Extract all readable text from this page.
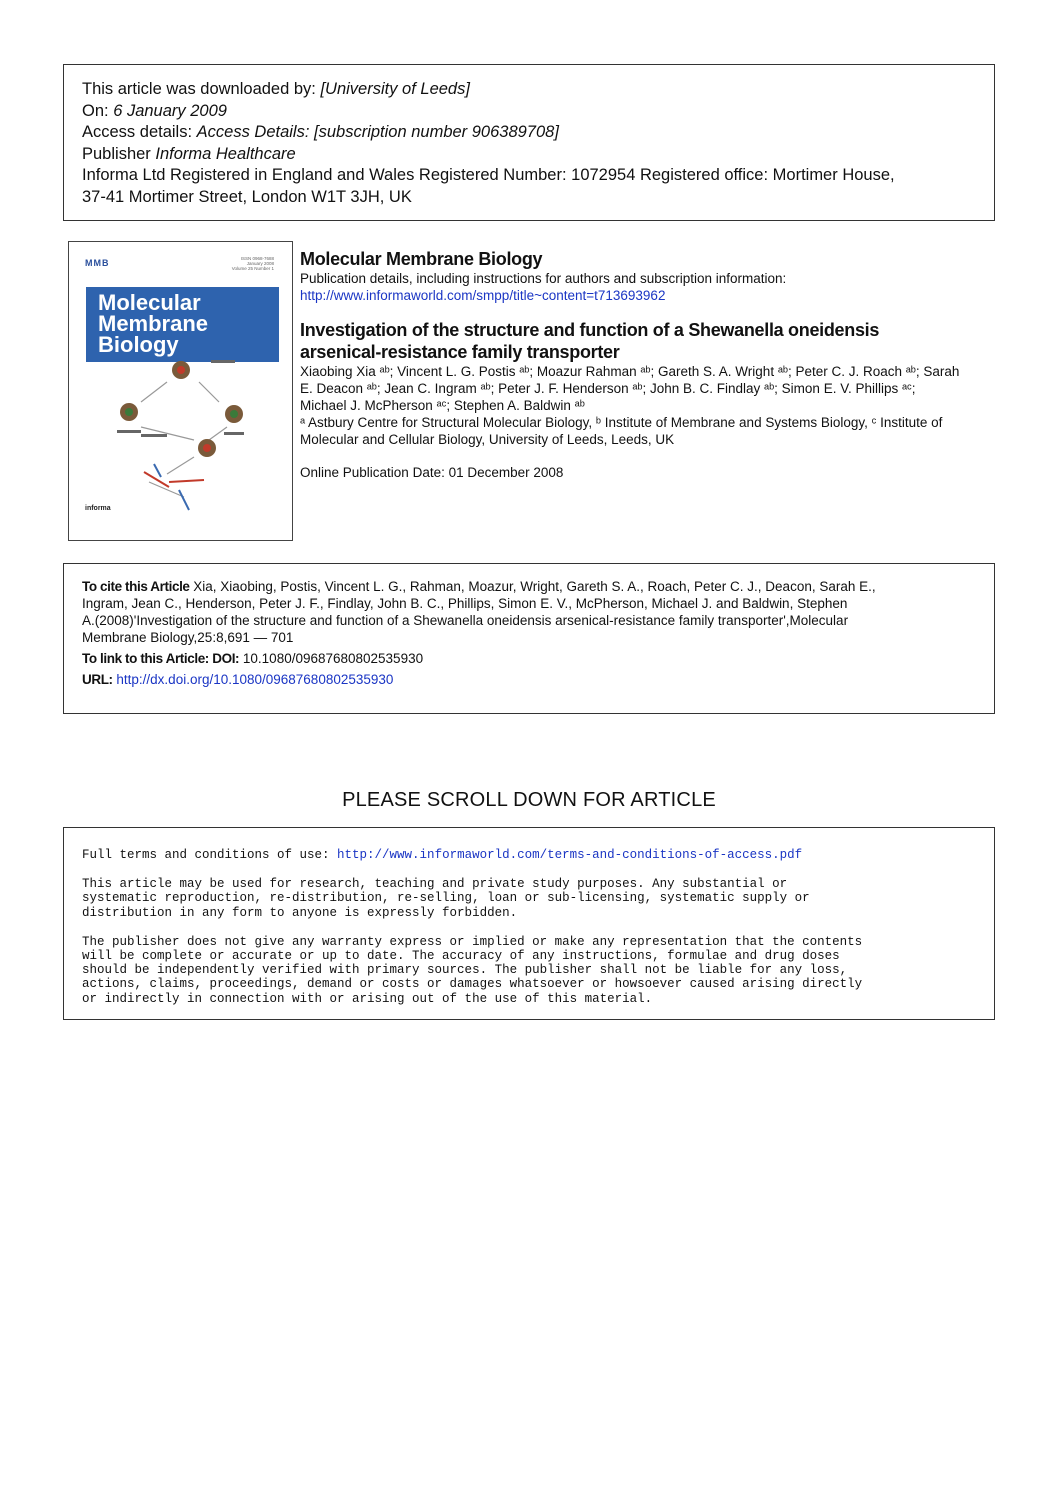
This article was downloaded by: [University of Leeds]
On: 6 January 2009
Access details: Access Details: [subscription number 906389708]
Publisher Informa Healthcare
Informa Ltd Registered in England and Wales Registered Number: 1072954 Registered office: Mortimer House,
37-41 Mortimer Street, London W1T 3JH, UK
MMB	ISSN 0968-7688
January 2008
Volume 25 Number 1
Molecular
Membrane
Biology
informa
Molecular Membrane Biology
Publication details, including instructions for authors and subscription information:
http://www.informaworld.com/smpp/title~content=t713693962
Investigation of the structure and function of a Shewanella oneidensis
arsenical-resistance family transporter
Xiaobing Xia ᵃᵇ; Vincent L. G. Postis ᵃᵇ; Moazur Rahman ᵃᵇ; Gareth S. A. Wright ᵃᵇ; Peter C. J. Roach ᵃᵇ; Sarah
E. Deacon ᵃᵇ; Jean C. Ingram ᵃᵇ; Peter J. F. Henderson ᵃᵇ; John B. C. Findlay ᵃᵇ; Simon E. V. Phillips ᵃᶜ;
Michael J. McPherson ᵃᶜ; Stephen A. Baldwin ᵃᵇ
ᵃ Astbury Centre for Structural Molecular Biology, ᵇ Institute of Membrane and Systems Biology, ᶜ Institute of
Molecular and Cellular Biology, University of Leeds, Leeds, UK
Online Publication Date: 01 December 2008
To cite this Article Xia, Xiaobing, Postis, Vincent L. G., Rahman, Moazur, Wright, Gareth S. A., Roach, Peter C. J., Deacon, Sarah E.,
Ingram, Jean C., Henderson, Peter J. F., Findlay, John B. C., Phillips, Simon E. V., McPherson, Michael J. and Baldwin, Stephen
A.(2008)'Investigation of the structure and function of a Shewanella oneidensis arsenical-resistance family transporter',Molecular
Membrane Biology,25:8,691 — 701
To link to this Article: DOI: 10.1080/09687680802535930
URL: http://dx.doi.org/10.1080/09687680802535930
PLEASE SCROLL DOWN FOR ARTICLE

Full terms and conditions of use: http://www.informaworld.com/terms-and-conditions-of-access.pdf

This article may be used for research, teaching and private study purposes. Any substantial or
systematic reproduction, re-distribution, re-selling, loan or sub-licensing, systematic supply or
distribution in any form to anyone is expressly forbidden.

The publisher does not give any warranty express or implied or make any representation that the contents
will be complete or accurate or up to date. The accuracy of any instructions, formulae and drug doses
should be independently verified with primary sources. The publisher shall not be liable for any loss,
actions, claims, proceedings, demand or costs or damages whatsoever or howsoever caused arising directly
or indirectly in connection with or arising out of the use of this material.
